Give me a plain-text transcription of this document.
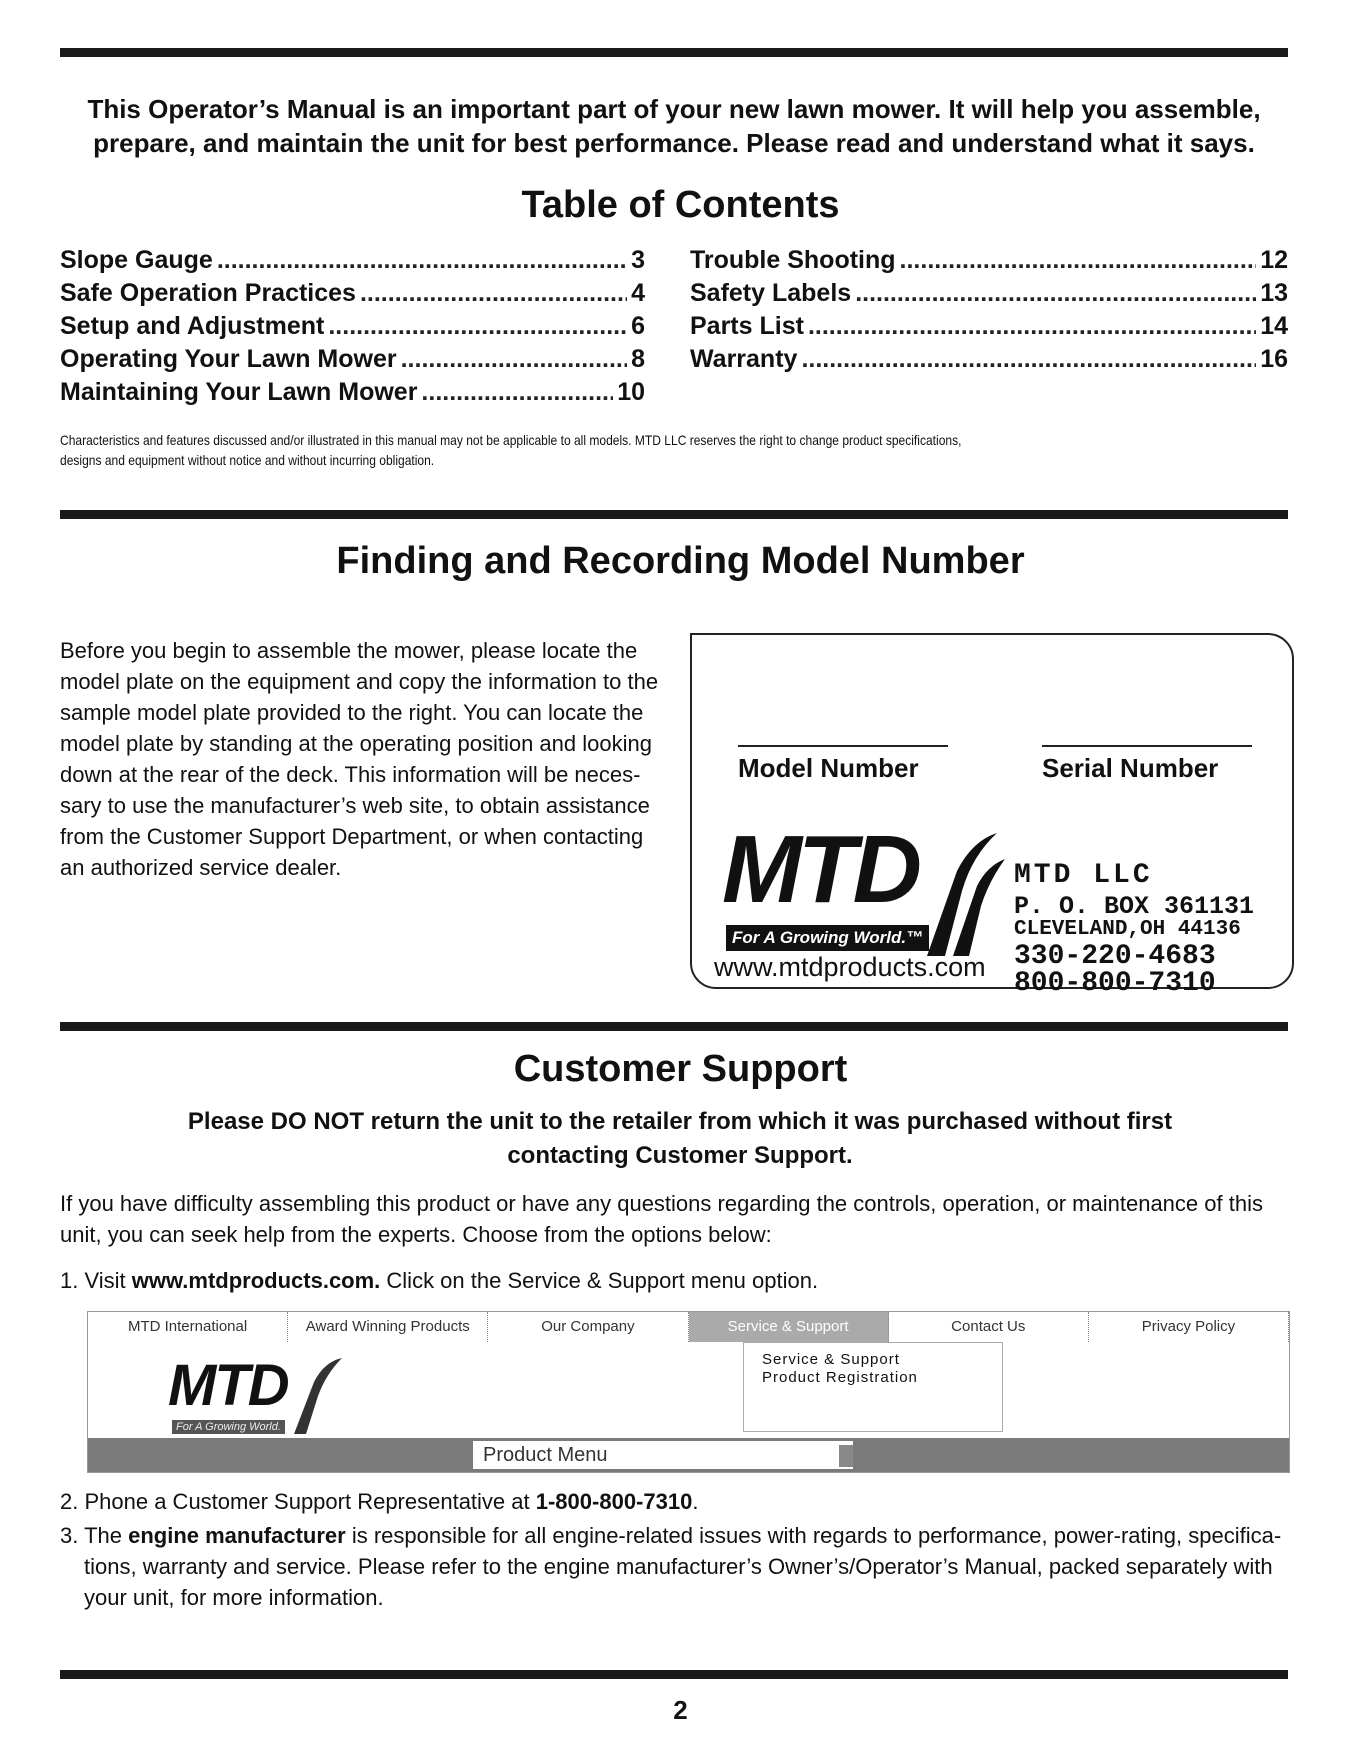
This Operator’s Manual is an important part of your new lawn mower. It will help you assemble,
prepare, and maintain the unit for best performance. Please read and understand what it says.
Table of Contents
Slope Gauge .....	3
Safe Operation Practices .....	4
Setup and Adjustment .....	6
Operating Your Lawn Mower .....	8
Maintaining Your Lawn Mower .....	10
Trouble Shooting .....	12
Safety Labels .....	13
Parts List .....	14
Warranty .....	16
Characteristics and features discussed and/or illustrated in this manual may not be applicable to all models. MTD LLC reserves the right to change product specifications,
designs and equipment without notice and without incurring obligation.
Finding and Recording Model Number
Before you begin to assemble the mower, please locate the
model plate on the equipment and copy the information to the
sample model plate provided to the right. You can locate the
model plate by standing at the operating position and looking
down at the rear of the deck. This information will be neces-
sary to use the manufacturer’s web site, to obtain assistance
from the Customer Support Department, or when contacting
an authorized service dealer.
Model Number	Serial Number
MTD
For A Growing World.™
www.mtdproducts.com
MTD LLC
P. O. BOX 361131
CLEVELAND,OH 44136
330-220-4683
800-800-7310
Customer Support
Please DO NOT return the unit to the retailer from which it was purchased without first
contacting Customer Support.
If you have difficulty assembling this product or have any questions regarding the controls, operation, or maintenance of this
unit, you can seek help from the experts. Choose from the options below:
1. Visit www.mtdproducts.com. Click on the Service & Support menu option.
MTD International	Award Winning Products	Our Company	Service & Support	Contact Us	Privacy Policy
Service & Support
Product Registration
MTD
For A Growing World.
Product Menu
2. Phone a Customer Support Representative at 1-800-800-7310.
3. The engine manufacturer is responsible for all engine-related issues with regards to performance, power-rating, specifica-
tions, warranty and service. Please refer to the engine manufacturer’s Owner’s/Operator’s Manual, packed separately with
your unit, for more information.
2
